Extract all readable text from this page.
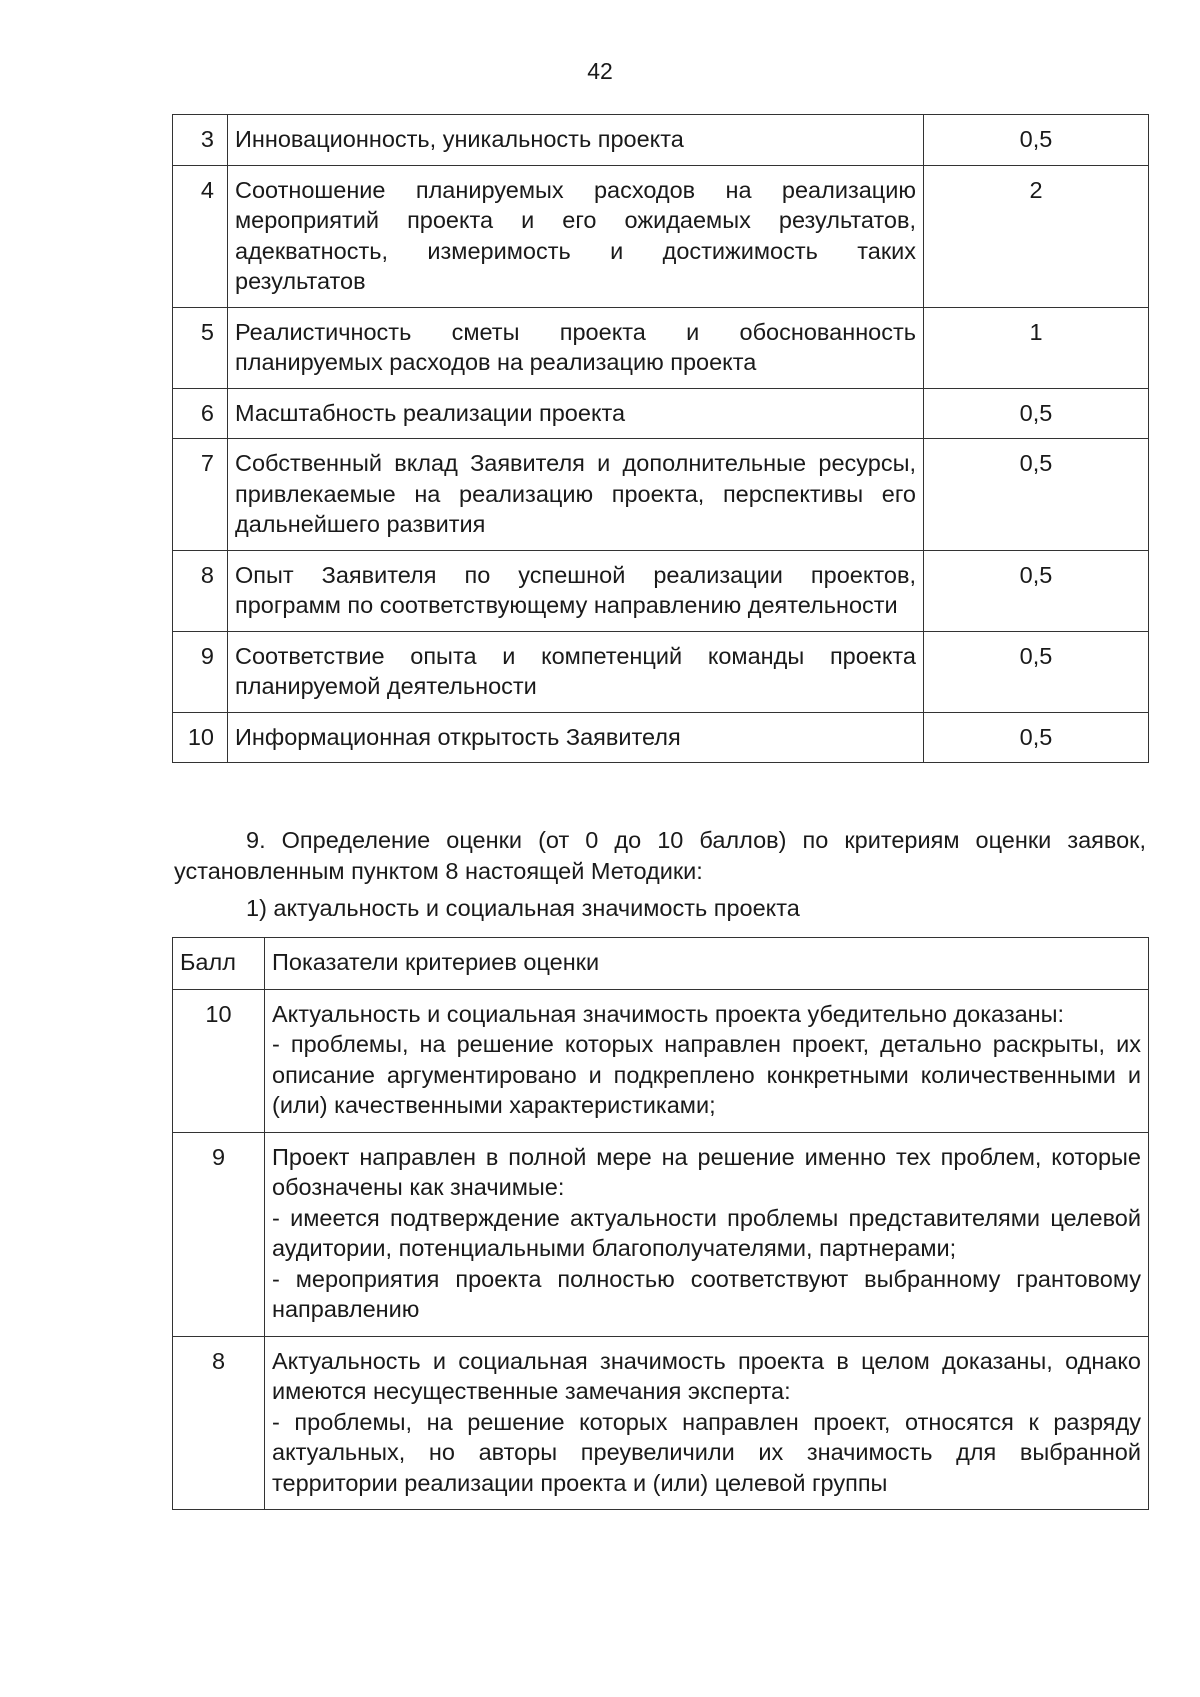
42
3	Инновационность, уникальность проекта	0,5
4	Соотношение планируемых расходов на реализацию мероприятий проекта и его ожидаемых результатов, адекватность, измеримость и достижимость таких результатов	2
5	Реалистичность сметы проекта и обоснованность планируемых расходов на реализацию проекта	1
6	Масштабность реализации проекта	0,5
7	Собственный вклад Заявителя и дополнительные ресурсы, привлекаемые на реализацию проекта, перспективы его дальнейшего развития	0,5
8	Опыт Заявителя по успешной реализации проектов, программ по соответствующему направлению деятельности	0,5
9	Соответствие опыта и компетенций команды проекта планируемой деятельности	0,5
10	Информационная открытость Заявителя	0,5
9. Определение оценки (от 0 до 10 баллов) по критериям оценки заявок, установленным пунктом 8 настоящей Методики:
1) актуальность и социальная значимость проекта
Балл	Показатели критериев оценки
10	Актуальность и социальная значимость проекта убедительно доказаны:
- проблемы, на решение которых направлен проект, детально раскрыты, их описание аргументировано и подкреплено конкретными количественными и (или) качественными характеристиками;

9	Проект направлен в полной мере на решение именно тех проблем, которые обозначены как значимые:
- имеется подтверждение актуальности проблемы представителями целевой аудитории, потенциальными благополучателями, партнерами;
- мероприятия проекта полностью соответствуют выбранному грантовому направлению

8	Актуальность и социальная значимость проекта в целом доказаны, однако имеются несущественные замечания эксперта:
- проблемы, на решение которых направлен проект, относятся к разряду актуальных, но авторы преувеличили их значимость для выбранной территории реализации проекта и (или) целевой группы
